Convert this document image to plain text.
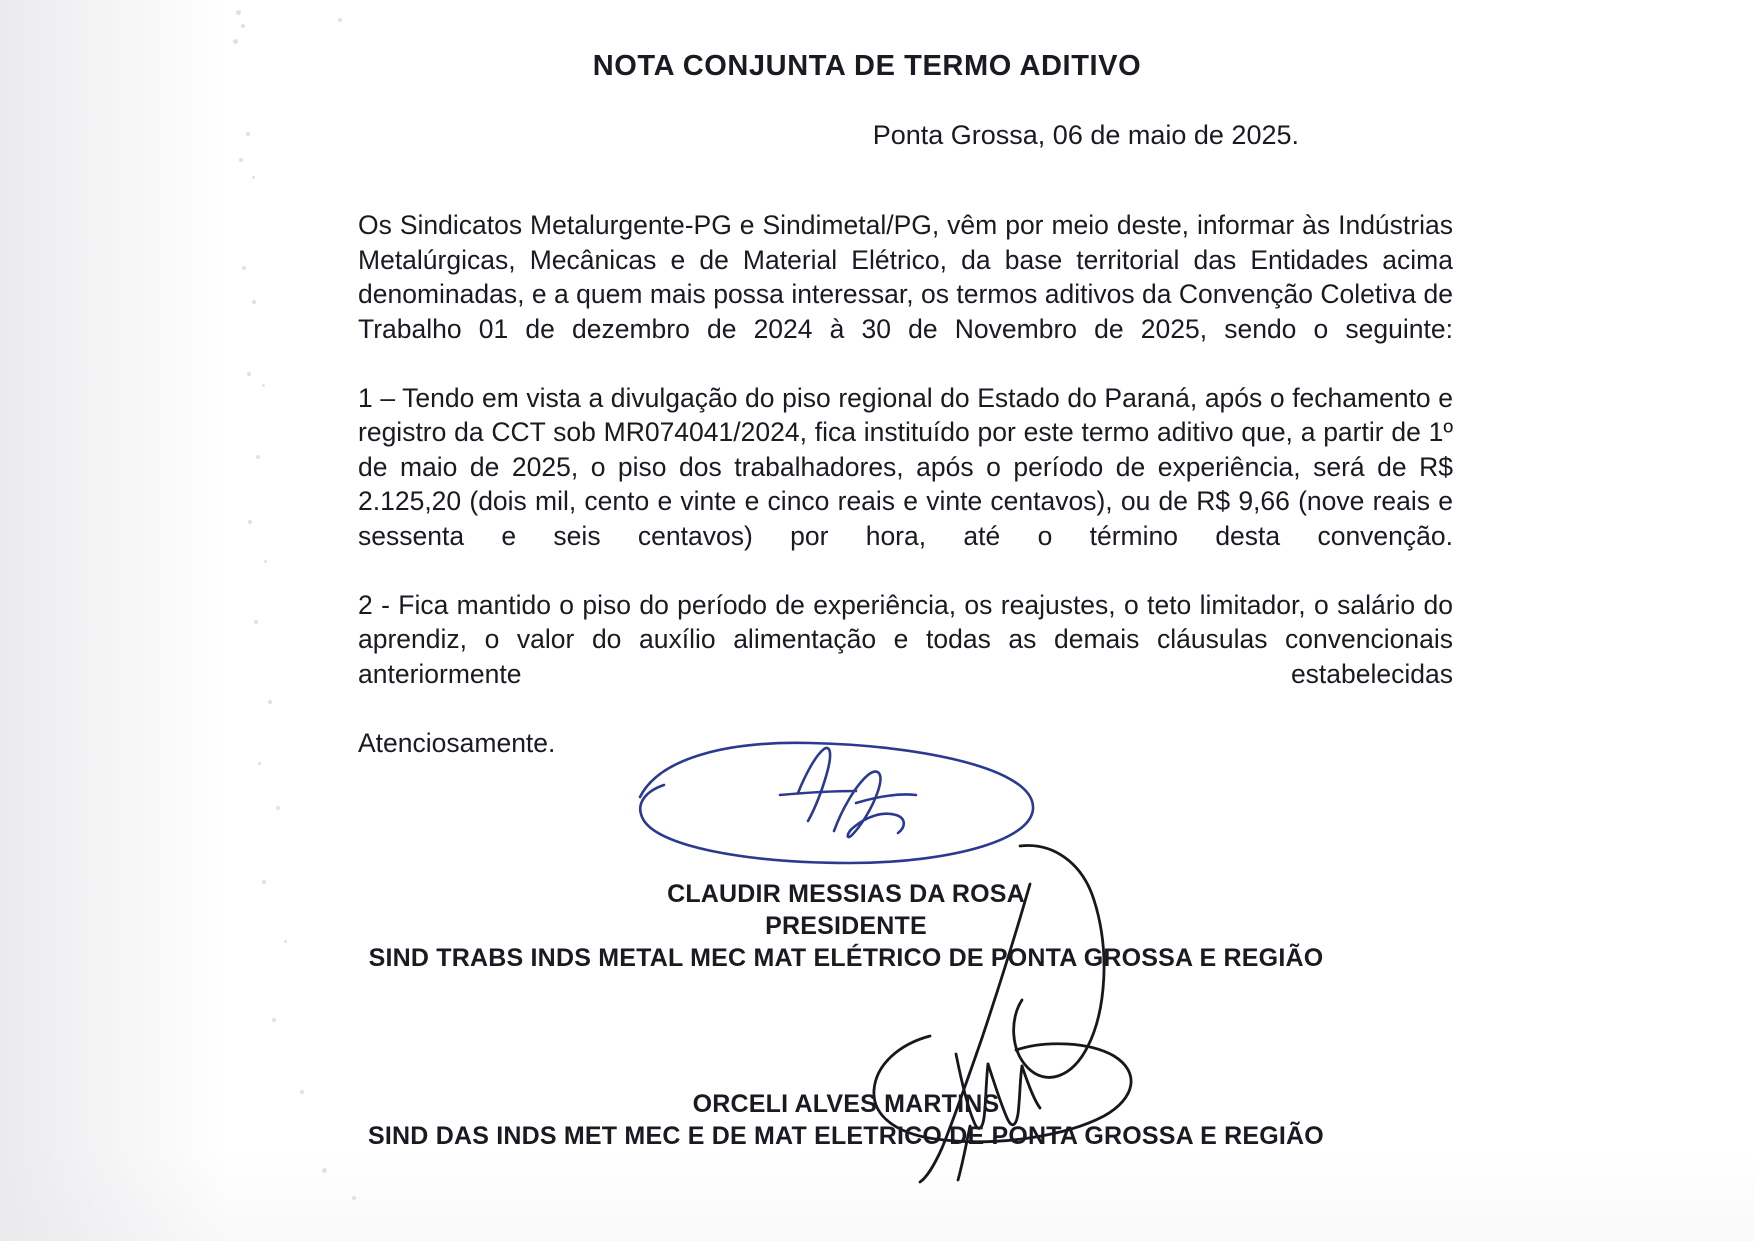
NOTA CONJUNTA DE TERMO ADITIVO
Ponta Grossa, 06 de maio de 2025.

Os Sindicatos Metalurgente-PG e Sindimetal/PG, vêm por meio deste, informar às Indústrias Metalúrgicas, Mecânicas e de Material Elétrico, da base territorial das Entidades acima denominadas, e a quem mais possa interessar, os termos aditivos da Convenção Coletiva de Trabalho 01 de dezembro de 2024 à 30 de Novembro de 2025, sendo o seguinte:

1 – Tendo em vista a divulgação do piso regional do Estado do Paraná, após o fechamento e registro da CCT sob MR074041/2024, fica instituído por este termo aditivo que, a partir de 1º de maio de 2025, o piso dos trabalhadores, após o período de experiência, será de R$ 2.125,20 (dois mil, cento e vinte e cinco reais e vinte centavos), ou de R$ 9,66 (nove reais e sessenta e seis centavos) por hora, até o término desta convenção.

2 - Fica mantido o piso do período de experiência, os reajustes, o teto limitador, o salário do aprendiz, o valor do auxílio alimentação e todas as demais cláusulas convencionais anteriormente estabelecidas

Atenciosamente.

CLAUDIR MESSIAS DA ROSA
PRESIDENTE
SIND TRABS INDS METAL MEC MAT ELÉTRICO DE PONTA GROSSA E REGIÃO
ORCELI ALVES MARTINS
SIND DAS INDS MET MEC E DE MAT ELETRICO DE PONTA GROSSA E REGIÃO
